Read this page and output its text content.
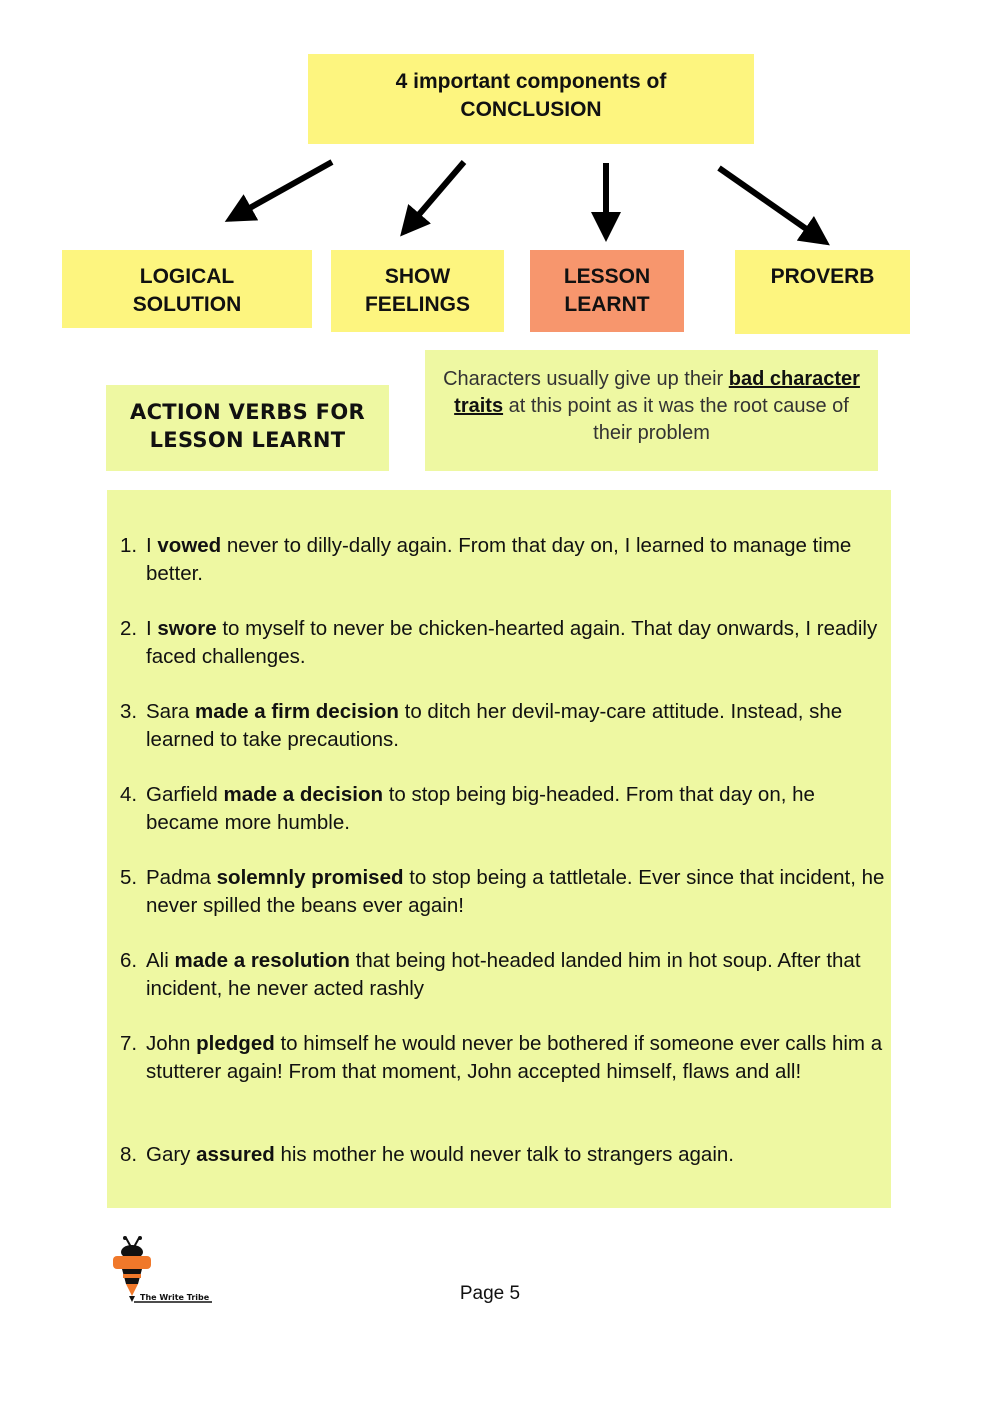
4 important components of
CONCLUSION
LOGICAL
SOLUTION
SHOW
FEELINGS
LESSON
LEARNT
PROVERB
ACTION VERBS FOR
LESSON LEARNT
Characters usually give up their bad character traits at this point as it was the root cause of their problem
1. I vowed never to dilly-dally again. From that day on, I learned to manage time better.
2. I swore to myself to never be chicken-hearted again. That day onwards, I readily faced challenges.
3. Sara made a firm decision to ditch her devil-may-care attitude. Instead, she learned to take precautions.
4. Garfield made a decision to stop being big-headed. From that day on, he became more humble.
5. Padma solemnly promised to stop being a tattletale. Ever since that incident, he never spilled the beans ever again!
6. Ali made a resolution that being hot-headed landed him in hot soup. After that incident, he never acted rashly
7. John pledged to himself he would never be bothered if someone ever calls him a stutterer again! From that moment, John accepted himself, flaws and all!
8. Gary assured his mother he would never talk to strangers again.
The Write Tribe	Page 5
